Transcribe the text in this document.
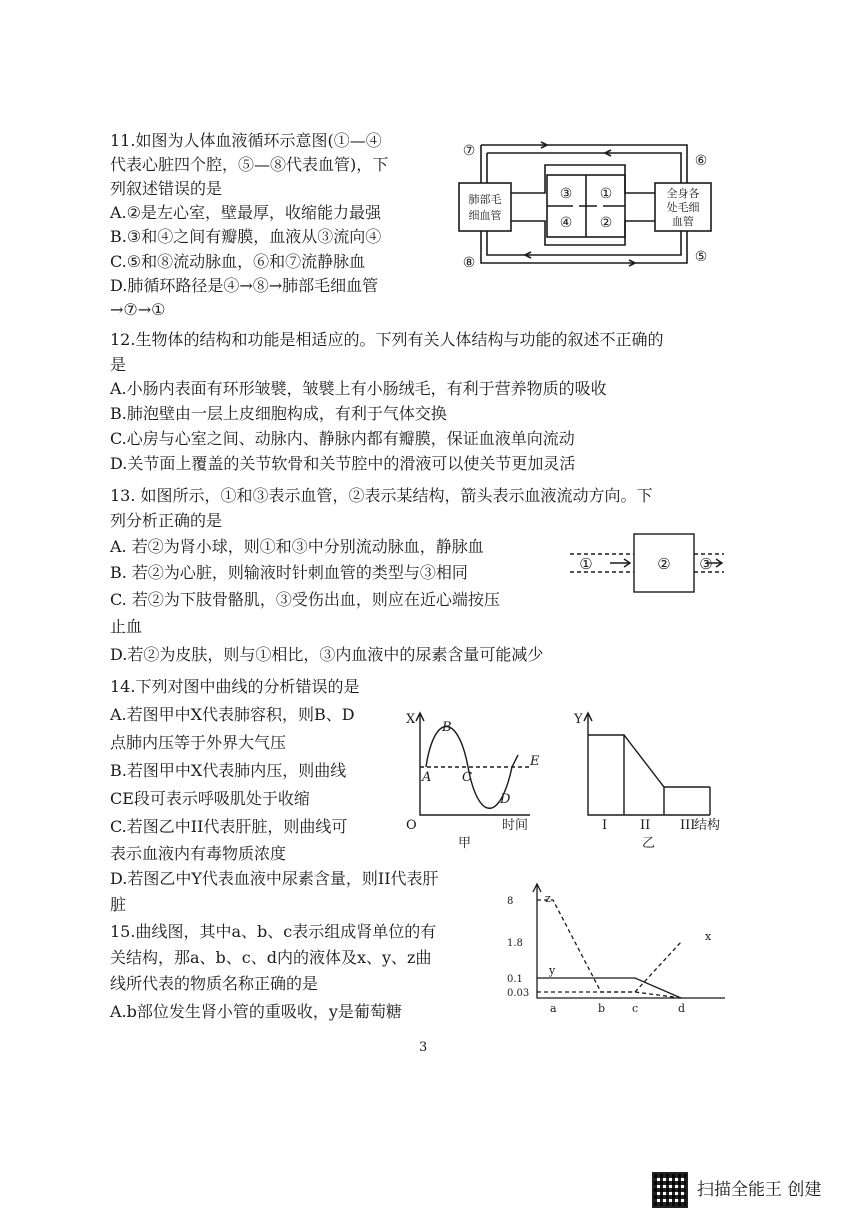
11.如图为人体血液循环示意图(①—④
代表心脏四个腔，⑤—⑧代表血管)，下
列叙述错误的是
A.②是左心室，壁最厚，收缩能力最强
B.③和④之间有瓣膜，血液从③流向④
C.⑤和⑧流动脉血，⑥和⑦流静脉血
D.肺循环路径是④→⑧→肺部毛细血管
→⑦→①
⑦
⑥
⑧	⑤
③ ①
④ ②
肺部毛
细血管
全身各
处毛细
血管
12.生物体的结构和功能是相适应的。下列有关人体结构与功能的叙述不正确的
是
A.小肠内表面有环形皱襞，皱襞上有小肠绒毛，有利于营养物质的吸收
B.肺泡壁由一层上皮细胞构成，有利于气体交换
C.心房与心室之间、动脉内、静脉内都有瓣膜，保证血液单向流动
D.关节面上覆盖的关节软骨和关节腔中的滑液可以使关节更加灵活
13. 如图所示，①和③表示血管，②表示某结构，箭头表示血液流动方向。下
列分析正确的是
A. 若②为肾小球，则①和③中分别流动脉血，静脉血
B. 若②为心脏，则输液时针刺血管的类型与③相同
C. 若②为下肢骨骼肌，③受伤出血，则应在近心端按压
止血
D.若②为皮肤，则与①相比，③内血液中的尿素含量可能减少
①	② ③
14.下列对图中曲线的分析错误的是
A.若图甲中X代表肺容积，则B、D
点肺内压等于外界大气压
B.若图甲中X代表肺内压，则曲线
CE段可表示呼吸肌处于收缩
C.若图乙中II代表肝脏，则曲线可
表示血液内有毒物质浓度
D.若图乙中Y代表血液中尿素含量，则II代表肝
脏
X
O	时间
A
B
C
D
E
甲
Y
I	II III
结构
乙
15.曲线图，其中a、b、c表示组成肾单位的有
关结构，那a、b、c、d内的液体及x、y、z曲
线所代表的物质名称正确的是
A.b部位发生肾小管的重吸收，y是葡萄糖
8
1.8
0.1
0.03
a	b c	d
x
y
z
3
扫描全能王 创建
